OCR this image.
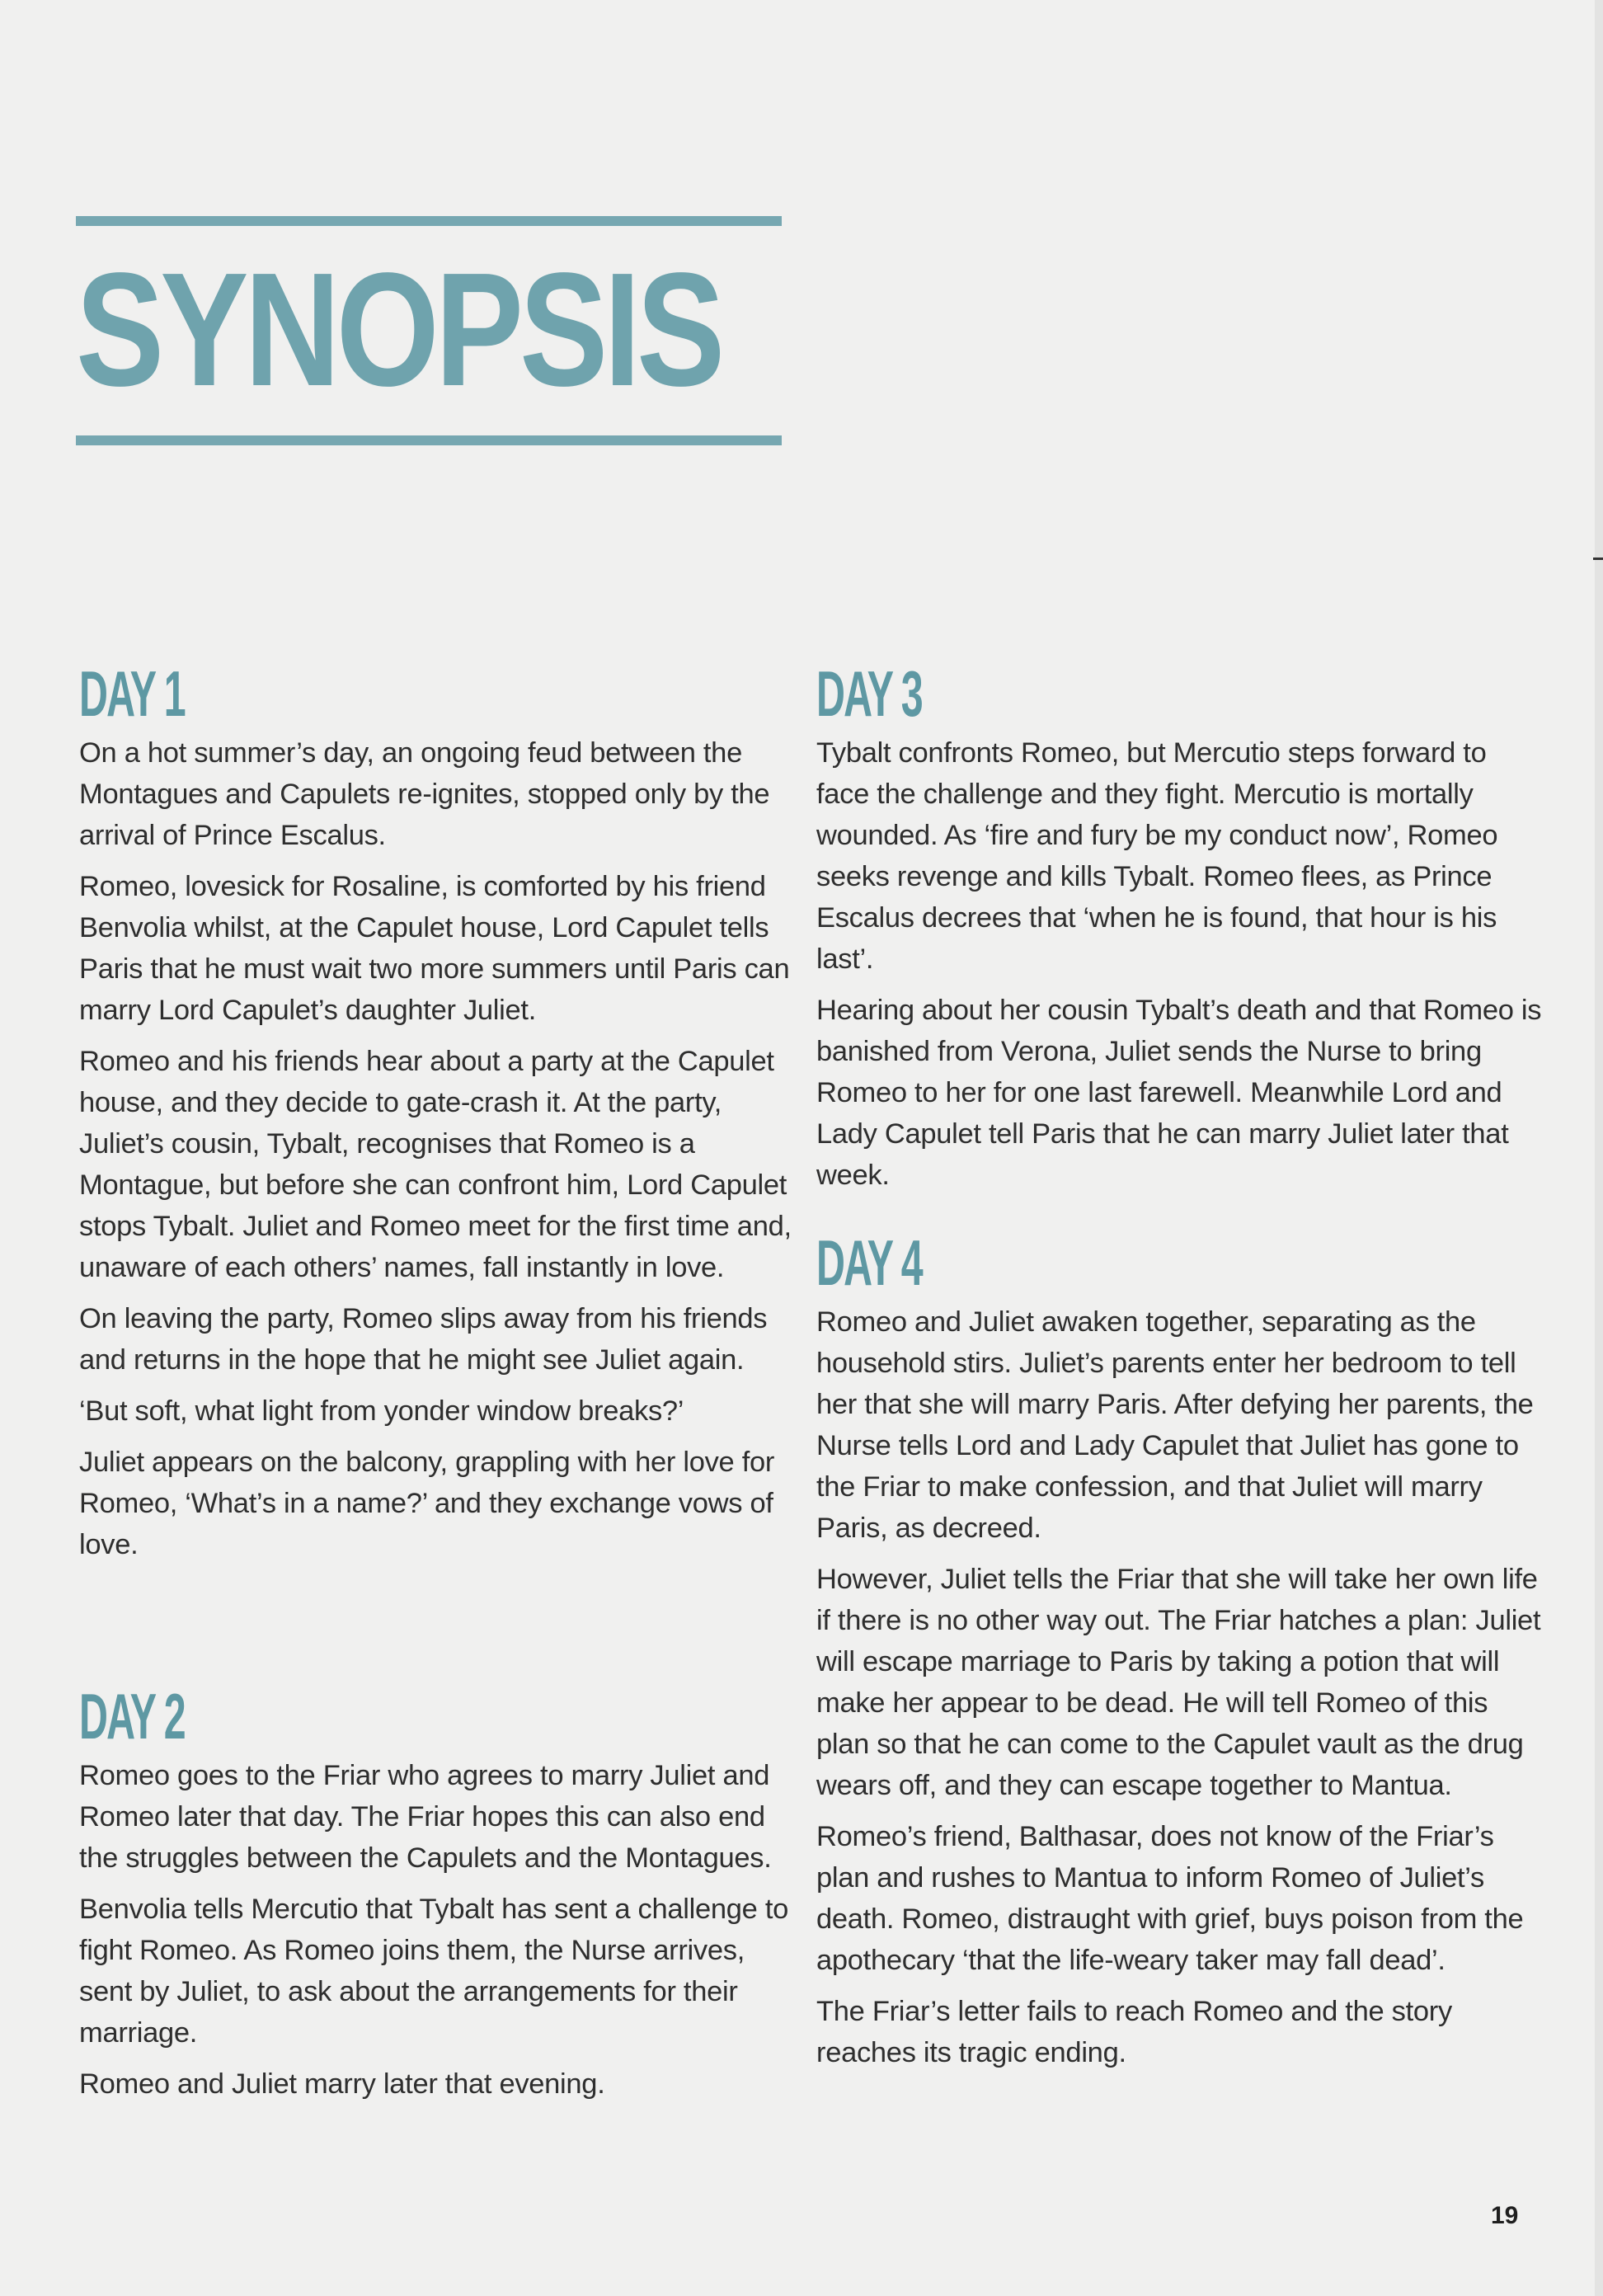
SYNOPSIS
DAY 1

On a hot summer’s day, an ongoing feud between the Montagues and Capulets re-ignites, stopped only by the arrival of Prince Escalus.

Romeo, lovesick for Rosaline, is comforted by his friend Benvolia whilst, at the Capulet house, Lord Capulet tells Paris that he must wait two more summers until Paris can marry Lord Capulet’s daughter Juliet.

Romeo and his friends hear about a party at the Capulet house, and they decide to gate-crash it. At the party, Juliet’s cousin, Tybalt, recognises that Romeo is a Montague, but before she can confront him, Lord Capulet stops Tybalt. Juliet and Romeo meet for the first time and, unaware of each others’ names, fall instantly in love.

On leaving the party, Romeo slips away from his friends and returns in the hope that he might see Juliet again.

‘But soft, what light from yonder window breaks?’

Juliet appears on the balcony, grappling with her love for Romeo, ‘What’s in a name?’ and they exchange vows of love.

DAY 2

Romeo goes to the Friar who agrees to marry Juliet and Romeo later that day. The Friar hopes this can also end the struggles between the Capulets and the Montagues.

Benvolia tells Mercutio that Tybalt has sent a challenge to fight Romeo. As Romeo joins them, the Nurse arrives, sent by Juliet, to ask about the arrangements for their marriage.

Romeo and Juliet marry later that evening.

DAY 3

Tybalt confronts Romeo, but Mercutio steps forward to face the challenge and they fight. Mercutio is mortally wounded. As ‘fire and fury be my conduct now’, Romeo seeks revenge and kills Tybalt. Romeo flees, as Prince Escalus decrees that ‘when he is found, that hour is his last’.

Hearing about her cousin Tybalt’s death and that Romeo is banished from Verona, Juliet sends the Nurse to bring Romeo to her for one last farewell. Meanwhile Lord and Lady Capulet tell Paris that he can marry Juliet later that week.

DAY 4

Romeo and Juliet awaken together, separating as the household stirs. Juliet’s parents enter her bedroom to tell her that she will marry Paris. After defying her parents, the Nurse tells Lord and Lady Capulet that Juliet has gone to the Friar to make confession, and that Juliet will marry Paris, as decreed.

However, Juliet tells the Friar that she will take her own life if there is no other way out. The Friar hatches a plan: Juliet will escape marriage to Paris by taking a potion that will make her appear to be dead. He will tell Romeo of this plan so that he can come to the Capulet vault as the drug wears off, and they can escape together to Mantua.

Romeo’s friend, Balthasar, does not know of the Friar’s plan and rushes to Mantua to inform Romeo of Juliet’s death. Romeo, distraught with grief, buys poison from the apothecary ‘that the life-weary taker may fall dead’.

The Friar’s letter fails to reach Romeo and the story reaches its tragic ending.

19
